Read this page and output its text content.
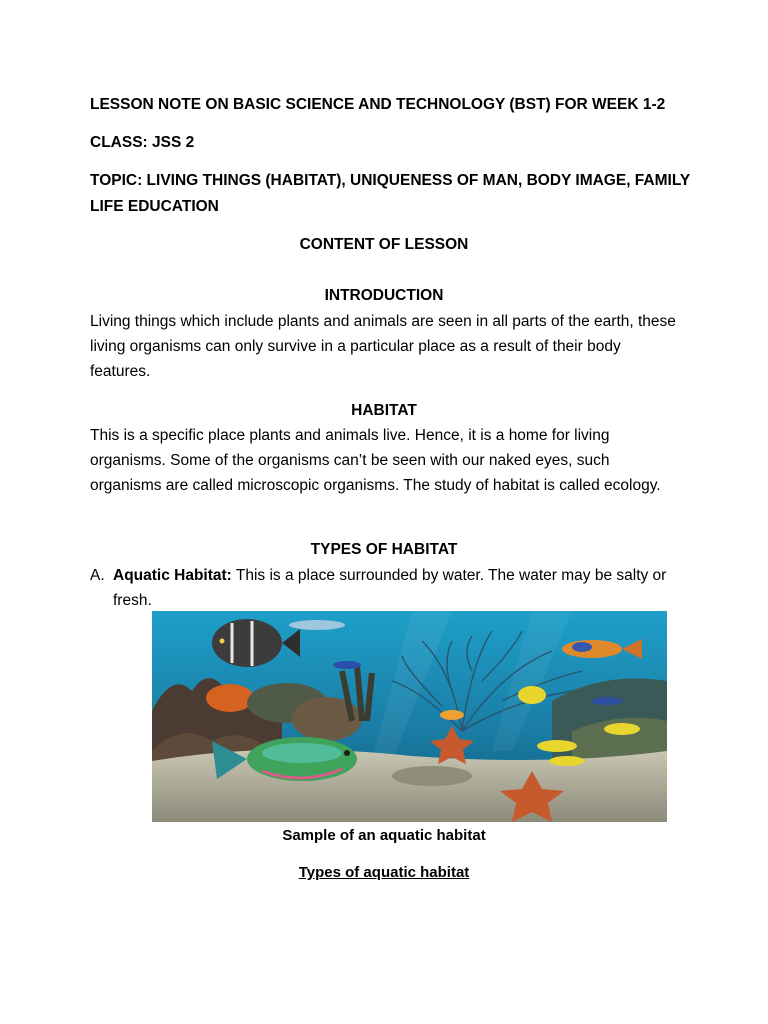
LESSON NOTE ON BASIC SCIENCE AND TECHNOLOGY (BST) FOR WEEK 1-2
CLASS: JSS 2
TOPIC: LIVING THINGS (HABITAT), UNIQUENESS OF MAN, BODY IMAGE, FAMILY
LIFE EDUCATION
CONTENT OF LESSON
INTRODUCTION
Living things which include plants and animals are seen in all parts of the earth, these living organisms can only survive in a particular place as a result of their body features.
HABITAT
This is a specific place plants and animals live. Hence, it is a home for living organisms. Some of the organisms can’t be seen with our naked eyes, such organisms are called microscopic organisms. The study of habitat is called ecology.
TYPES OF HABITAT
A. Aquatic Habitat: This is a place surrounded by water. The water may be salty or fresh.
Sample of an aquatic habitat
Types of aquatic habitat
